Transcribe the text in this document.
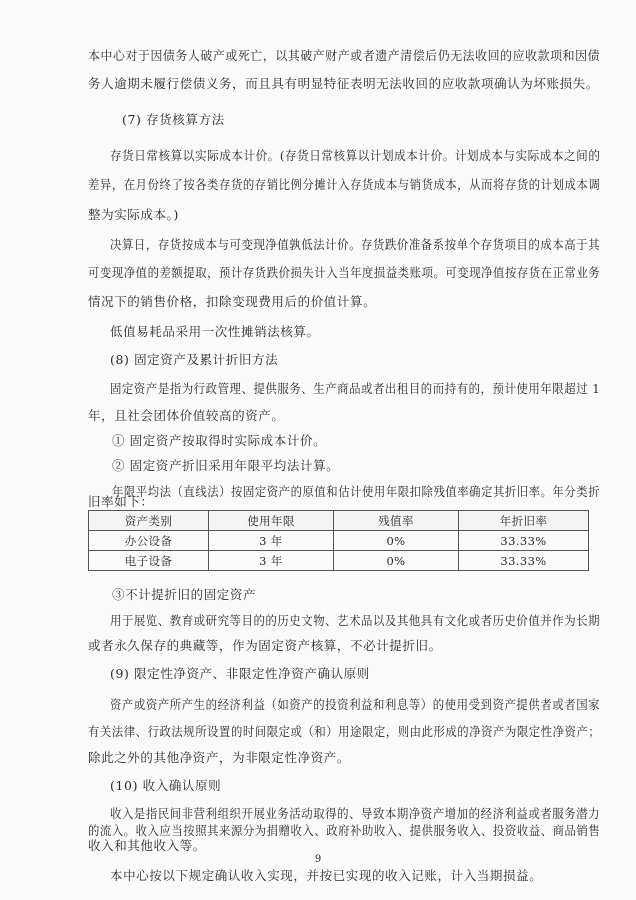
本中心对于因债务人破产或死亡，以其破产财产或者遗产清偿后仍无法收回的应收款项和因债
务人逾期未履行偿债义务，而且具有明显特征表明无法收回的应收款项确认为坏账损失。
(7) 存货核算方法
存货日常核算以实际成本计价。(存货日常核算以计划成本计价。计划成本与实际成本之间的
差异，在月份终了按各类存货的存销比例分摊计入存货成本与销货成本，从而将存货的计划成本调
整为实际成本。)
决算日，存货按成本与可变现净值孰低法计价。存货跌价准备系按单个存货项目的成本高于其
可变现净值的差额提取，预计存货跌价损失计入当年度损益类账项。可变现净值按存货在正常业务
情况下的销售价格，扣除变现费用后的价值计算。
低值易耗品采用一次性摊销法核算。
(8) 固定资产及累计折旧方法
固定资产是指为行政管理、提供服务、生产商品或者出租目的而持有的，预计使用年限超过 1
年，且社会团体价值较高的资产。
① 固定资产按取得时实际成本计价。
② 固定资产折旧采用年限平均法计算。
年限平均法（直线法）按固定资产的原值和估计使用年限扣除残值率确定其折旧率。年分类折
旧率如下：
资产类别	使用年限	残值率	年折旧率
办公设备	3 年	0%	33.33%
电子设备	3 年	0%	33.33%
③不计提折旧的固定资产
用于展览、教育或研究等目的的历史文物、艺术品以及其他具有文化或者历史价值并作为长期
或者永久保存的典藏等，作为固定资产核算，不必计提折旧。
(9) 限定性净资产、非限定性净资产确认原则
资产或资产所产生的经济利益（如资产的投资利益和利息等）的使用受到资产提供者或者国家
有关法律、行政法规所设置的时间限定或（和）用途限定，则由此形成的净资产为限定性净资产；
除此之外的其他净资产，为非限定性净资产。
(10) 收入确认原则
收入是指民间非营利组织开展业务活动取得的、导致本期净资产增加的经济利益或者服务潜力
的流入。收入应当按照其来源分为捐赠收入、政府补助收入、提供服务收入、投资收益、商品销售
收入和其他收入等。
本中心按以下规定确认收入实现，并按已实现的收入记账，计入当期损益。
9
